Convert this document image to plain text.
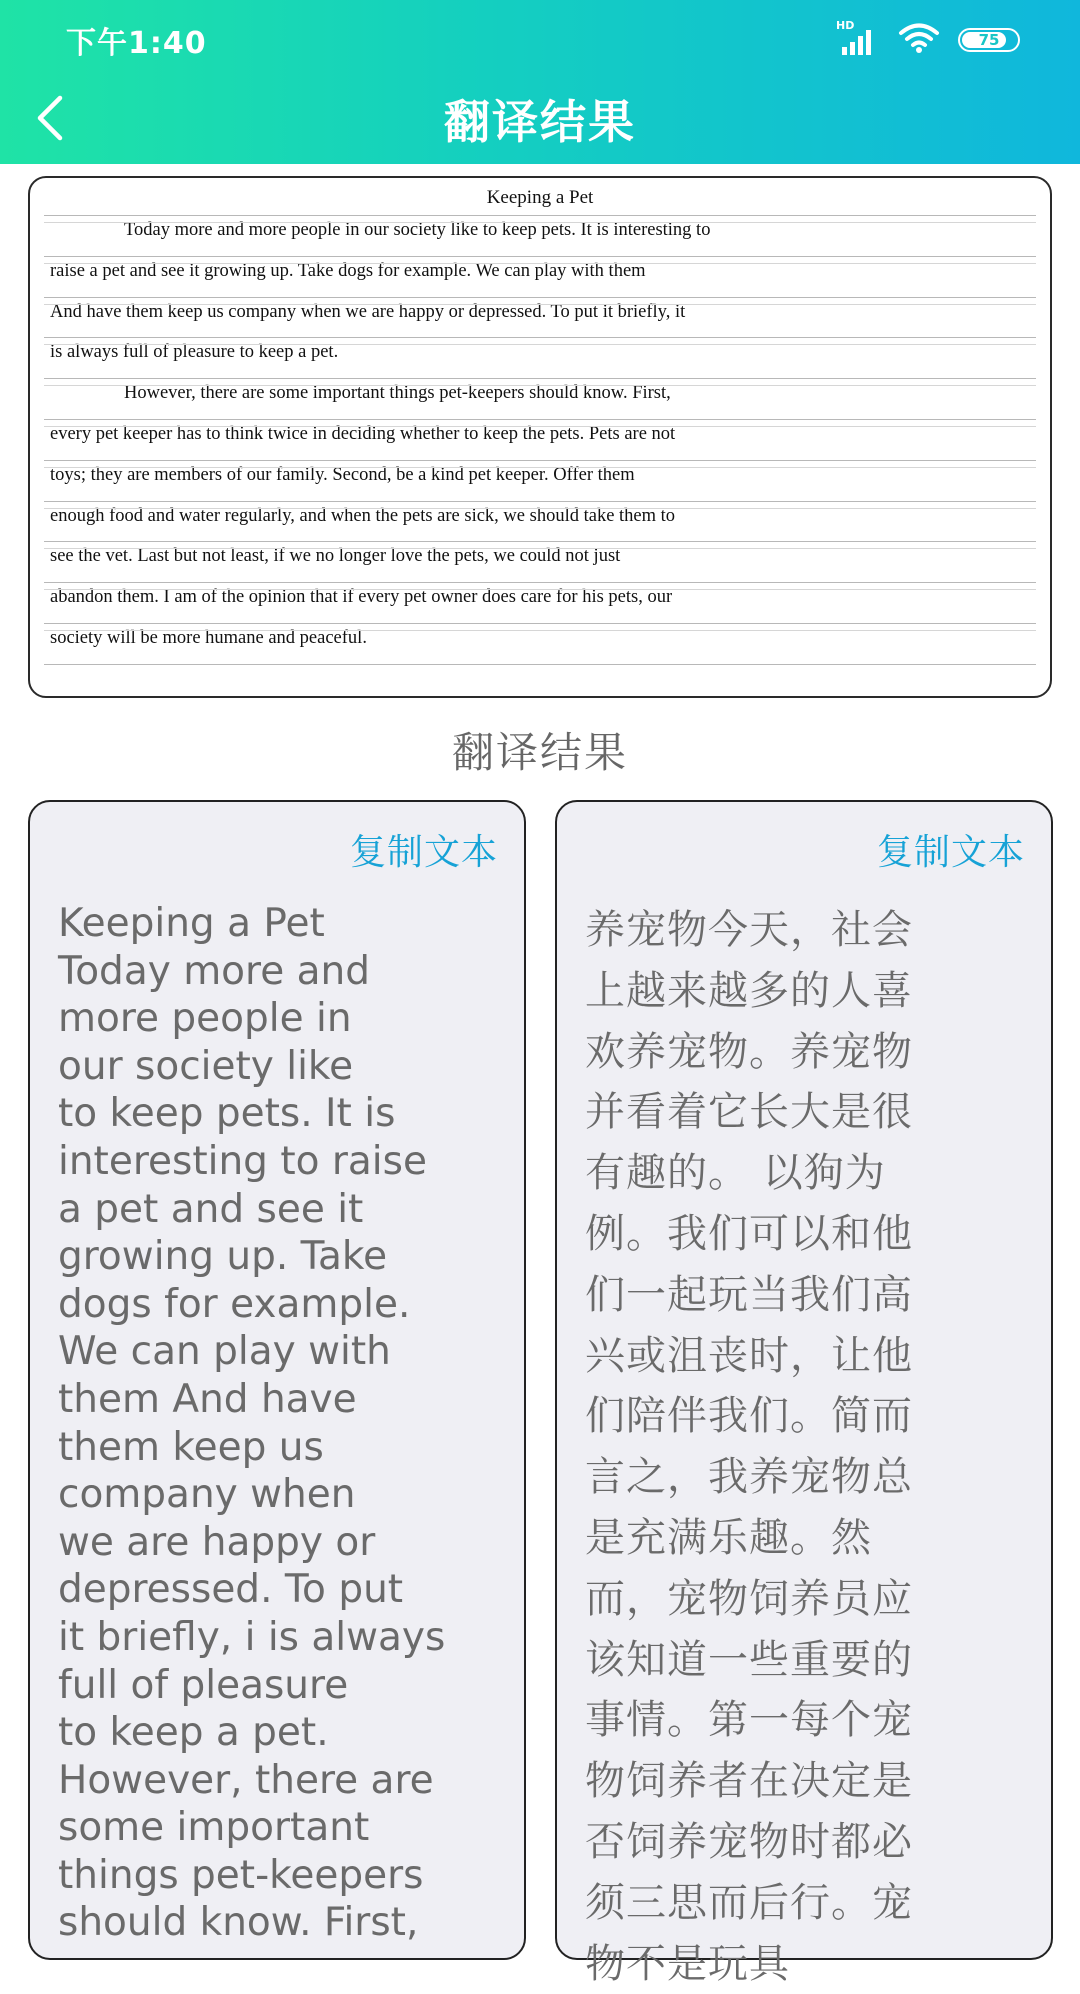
下午1:40
HD
75
翻译结果
Keeping a Pet
Today more and more people in our society like to keep pets. It is interesting to
raise a pet and see it growing up. Take dogs for example. We can play with them
And have them keep us company when we are happy or depressed. To put it briefly, it
is always full of pleasure to keep a pet.
However, there are some important things pet-keepers should know. First,
every pet keeper has to think twice in deciding whether to keep the pets. Pets are not
toys; they are members of our family. Second, be a kind pet keeper. Offer them
enough food and water regularly, and when the pets are sick, we should take them to
see the vet. Last but not least, if we no longer love the pets, we could not just
abandon them. I am of the opinion that if every pet owner does care for his pets, our
society will be more humane and peaceful.
翻译结果
复制文本
Keeping a Pet
Today more and
more people in
our society like
to keep pets. It is
interesting to raise
a pet and see it
growing up. Take
dogs for example.
We can play with
them And have
them keep us
company when
we are happy or
depressed. To put
it briefly, i is always
full of pleasure
to keep a pet.
However, there are
some important
things pet-keepers
should know. First,
复制文本
养宠物今天，社会
上越来越多的人喜
欢养宠物。养宠物
并看着它长大是很
有趣的。 以狗为
例。我们可以和他
们一起玩当我们高
兴或沮丧时，让他
们陪伴我们。简而
言之，我养宠物总
是充满乐趣。然
而，宠物饲养员应
该知道一些重要的
事情。第一每个宠
物饲养者在决定是
否饲养宠物时都必
须三思而后行。宠
物不是玩具
